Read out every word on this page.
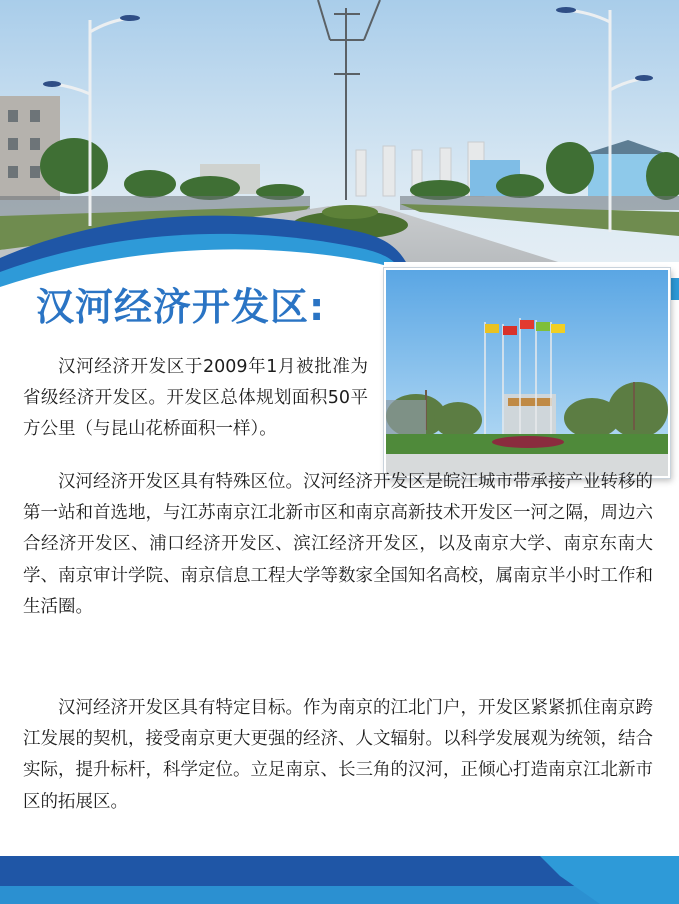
汉河经济开发区:

汉河经济开发区于2009年1月被批准为省级经济开发区。开发区总体规划面积50平方公里（与昆山花桥面积一样）。

汉河经济开发区具有特殊区位。汉河经济开发区是皖江城市带承接产业转移的第一站和首选地，与江苏南京江北新市区和南京高新技术开发区一河之隔，周边六合经济开发区、浦口经济开发区、滨江经济开发区，以及南京大学、南京东南大学、南京审计学院、南京信息工程大学等数家全国知名高校，属南京半小时工作和生活圈。

汉河经济开发区具有特定目标。作为南京的江北门户，开发区紧紧抓住南京跨江发展的契机，接受南京更大更强的经济、人文辐射。以科学发展观为统领，结合实际，提升标杆，科学定位。立足南京、长三角的汉河，正倾心打造南京江北新市区的拓展区。
